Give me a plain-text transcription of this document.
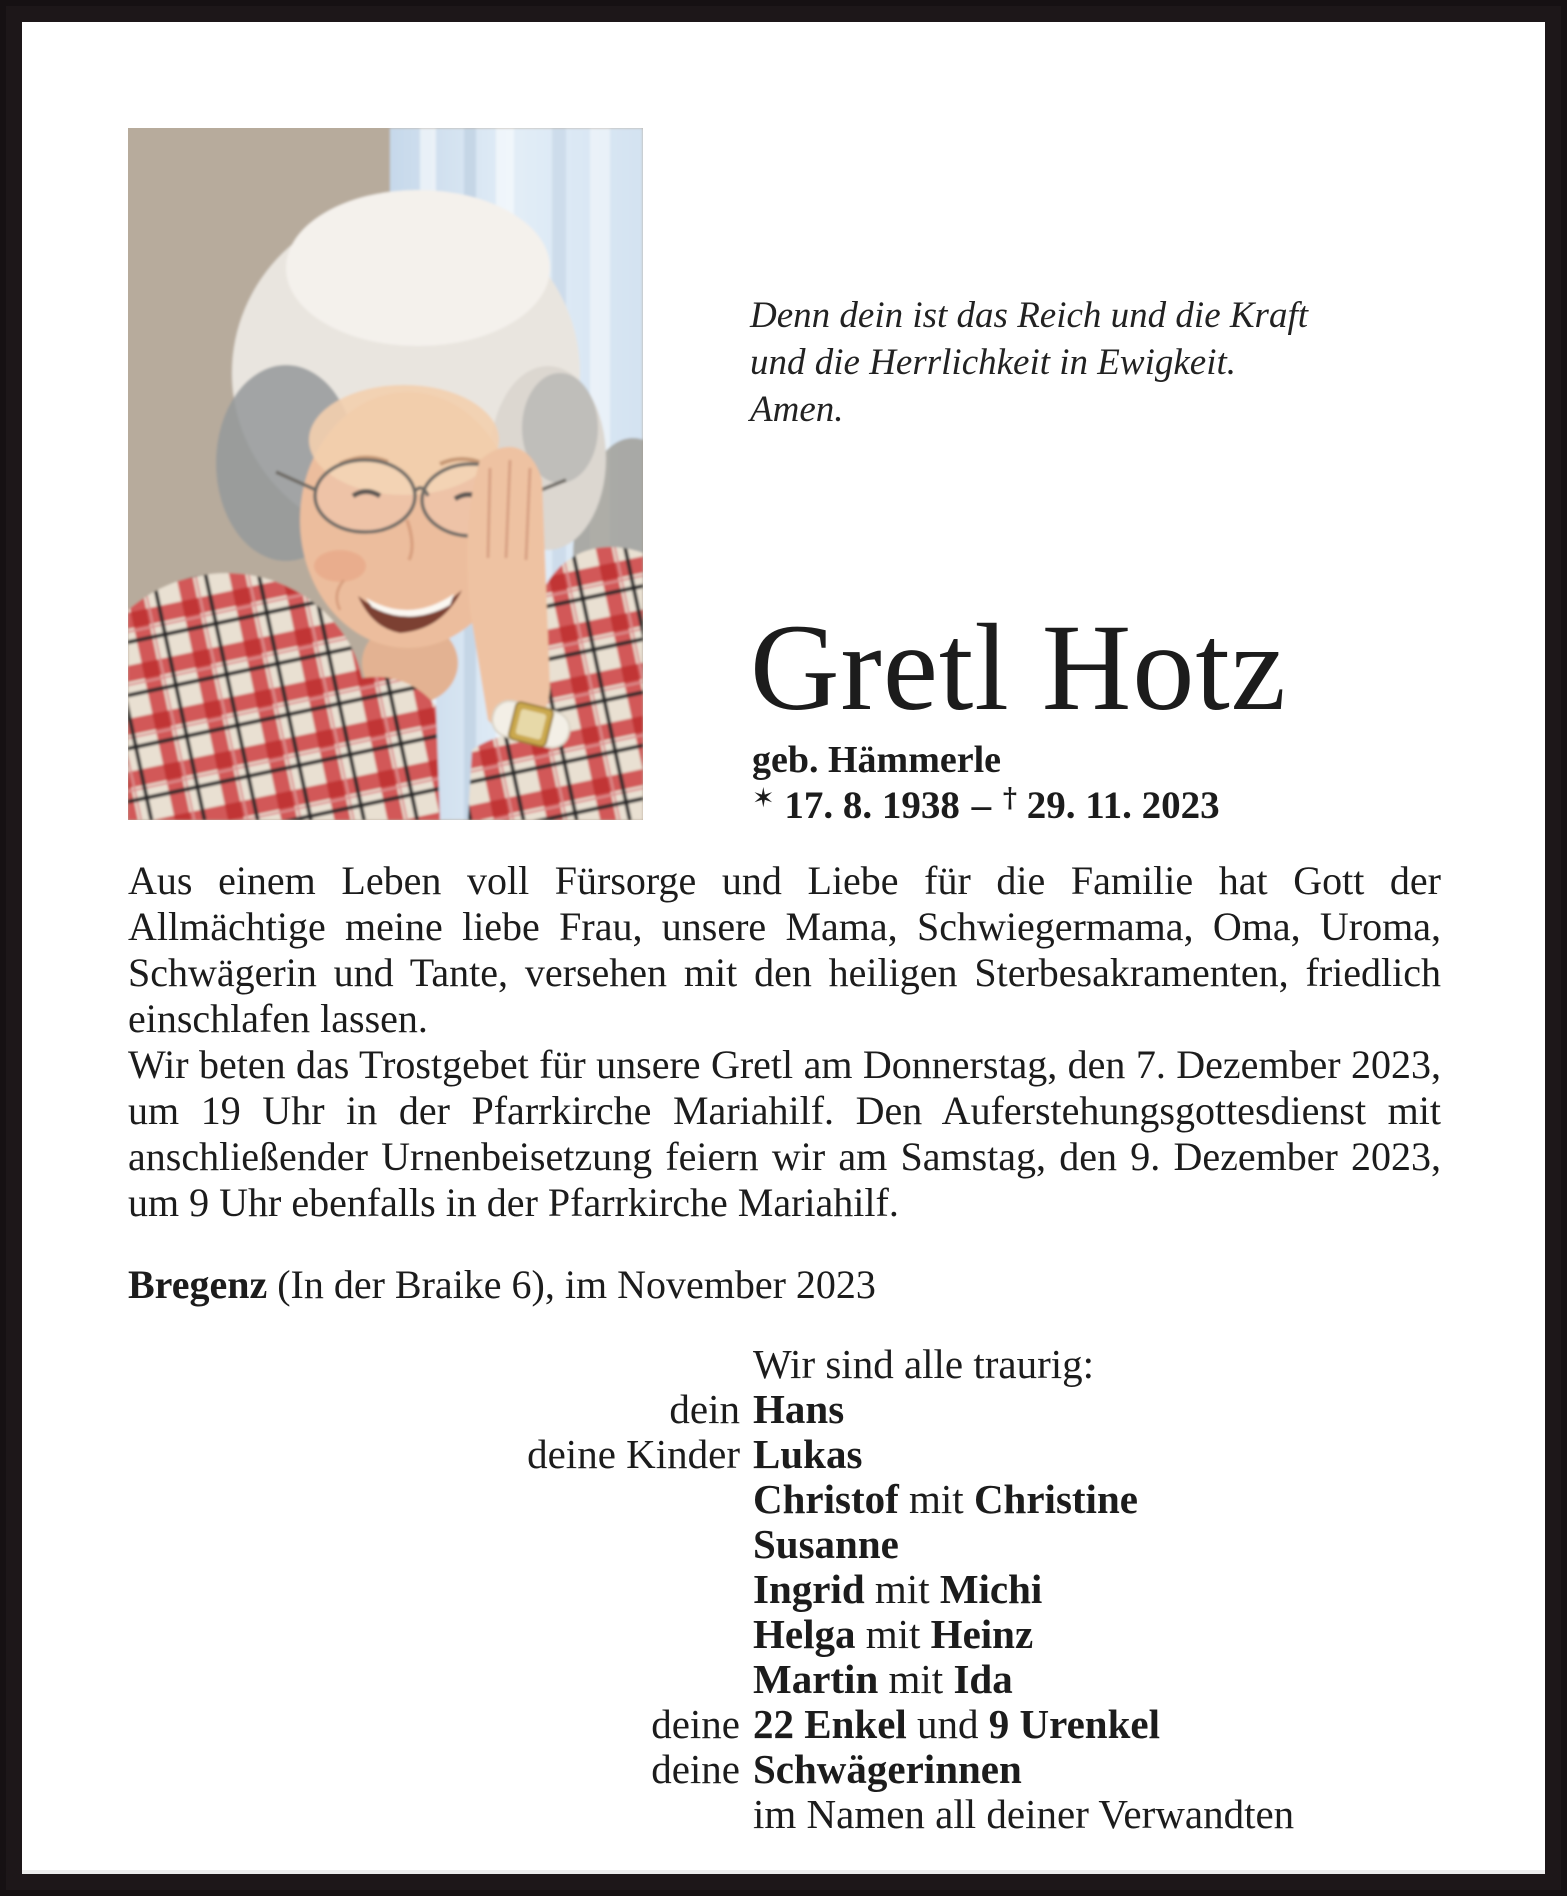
Denn dein ist das Reich und die Kraft
und die Herrlichkeit in Ewigkeit.
Amen.
Gretl Hotz
geb. Hämmerle
✶ 17. 8. 1938 – † 29. 11. 2023

Aus einem Leben voll Fürsorge und Liebe für die Familie hat Gott der Allmächtige meine liebe Frau, unsere Mama, Schwiegermama, Oma, Uroma, Schwägerin und Tante, versehen mit den heiligen Sterbesakramenten, friedlich einschlafen lassen.

Wir beten das Trostgebet für unsere Gretl am Donnerstag, den 7. Dezember 2023, um 19 Uhr in der Pfarrkirche Mariahilf. Den Auferstehungsgottesdienst mit anschließender Urnenbeisetzung feiern wir am Samstag, den 9. Dezember 2023, um 9 Uhr ebenfalls in der Pfarrkirche Mariahilf.

Bregenz (In der Braike 6), im November 2023
Wir sind alle traurig:
dein Hans
deine Kinder Lukas
Christof mit Christine
Susanne
Ingrid mit Michi
Helga mit Heinz
Martin mit Ida
deine 22 Enkel und 9 Urenkel
deine Schwägerinnen
im Namen all deiner Verwandten
